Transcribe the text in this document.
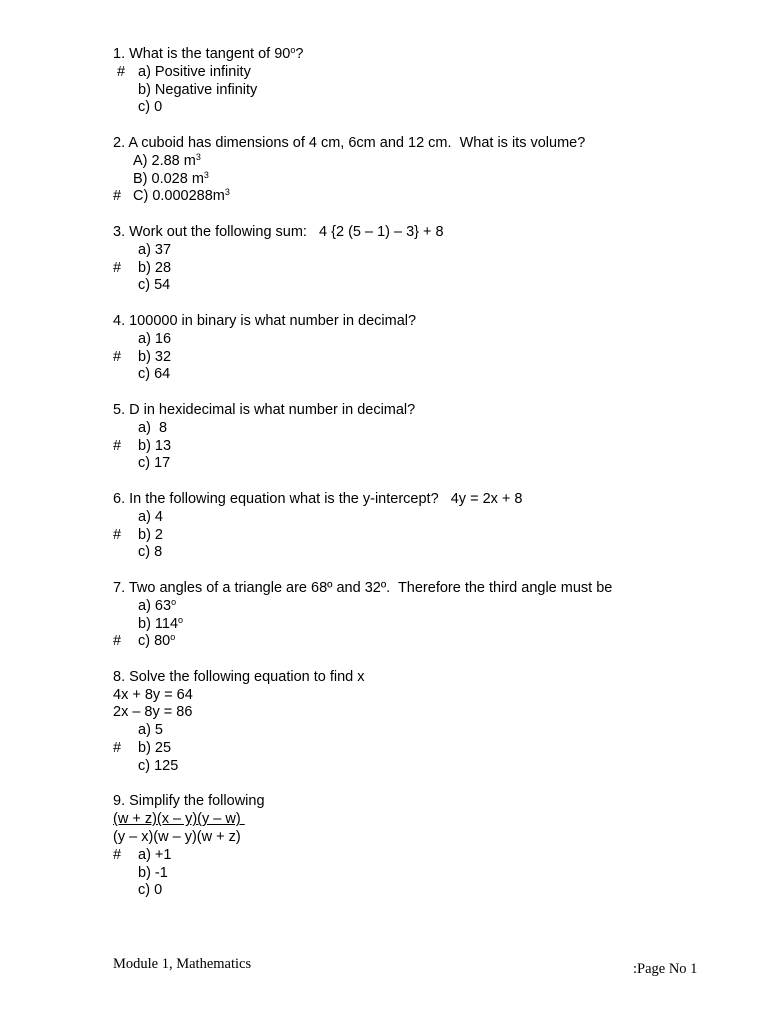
1. What is the tangent of 90$^o$?
# a) Positive infinity
b) Negative infinity
c) 0
2. A cuboid has dimensions of 4 cm, 6cm and 12 cm.  What is its volume?
A) 2.88 $m^3$
B) 0.028 $m^3$
# C) $0.000288m^3$
3. Work out the following sum:   4 {2 (5 – 1) – 3} + 8
a) 37
# b) 28
c) 54
4. 100000 in binary is what number in decimal?
a) 16
# b) 32
c) 64
5. D in hexidecimal is what number in decimal?
a)  8
# b) 13
c) 17
6. In the following equation what is the y-intercept?   4y = 2x + 8
a) 4
# b) 2
c) 8
7. Two angles of a triangle are 68º and 32º.  Therefore the third angle must be
a) 63$^o$
b) 114$^o$
# c) 80$^o$
8. Solve the following equation to find x
4x + 8y = 64
2x – 8y = 86
a) 5
# b) 25
c) 125
9. Simplify the following
(w + z)(x – y)(y – w)
(y – x)(w – y)(w + z)
# a) +1
b) -1
c) 0
Module 1, Mathematics	:Page No 1
